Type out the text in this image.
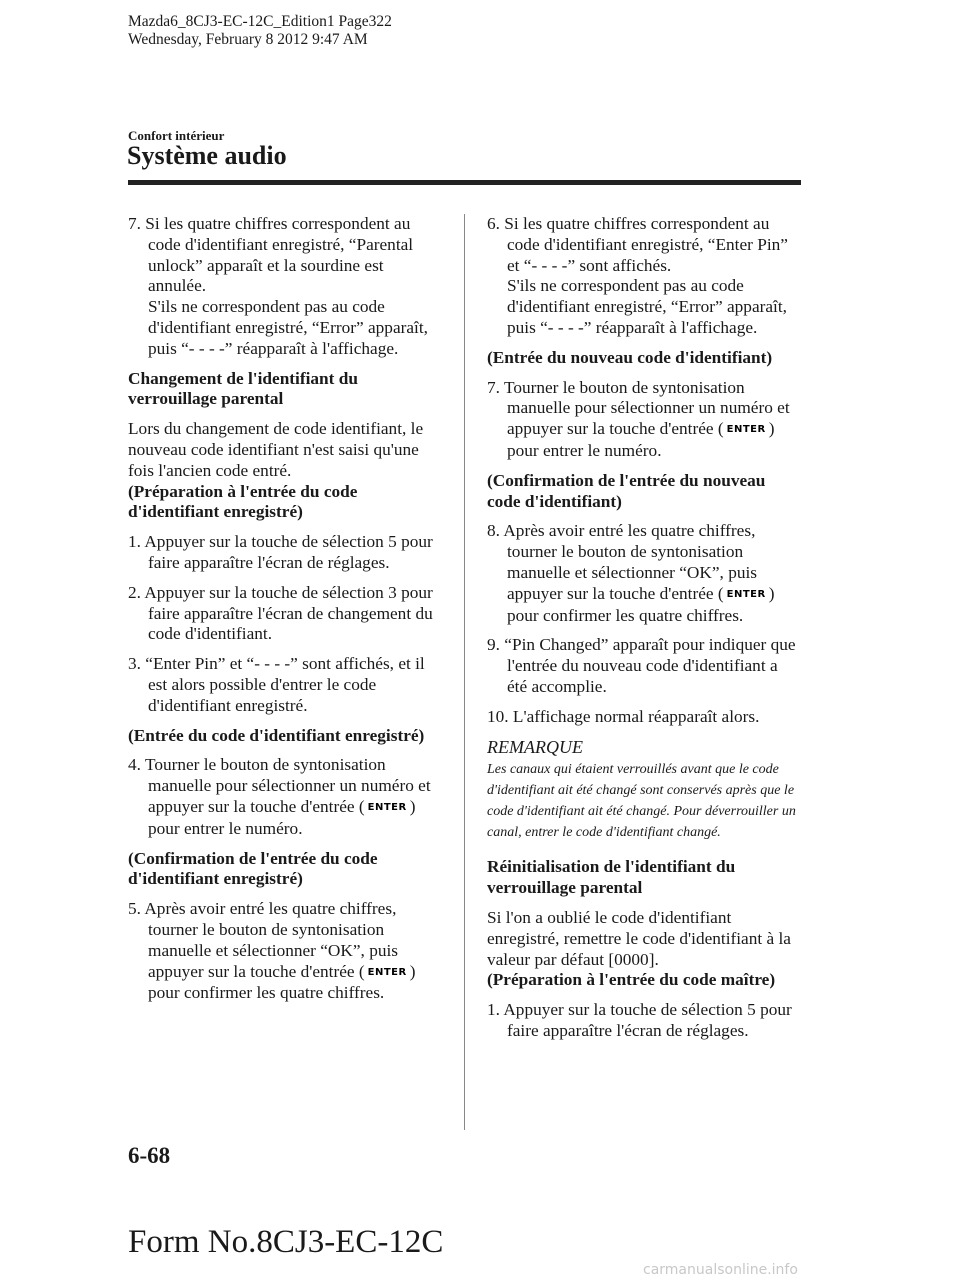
Mazda6_8CJ3-EC-12C_Edition1 Page322
Wednesday, February 8 2012 9:47 AM
Confort intérieur
Système audio
7. Si les quatre chiffres correspondent au code d'identifiant enregistré, “Parental unlock” apparaît et la sourdine est annulée.
S'ils ne correspondent pas au code d'identifiant enregistré, “Error” apparaît, puis “- - - -” réapparaît à l'affichage.
Changement de l'identifiant du verrouillage parental
Lors du changement de code identifiant, le nouveau code identifiant n'est saisi qu'une fois l'ancien code entré.
(Préparation à l'entrée du code d'identifiant enregistré)
1. Appuyer sur la touche de sélection 5 pour faire apparaître l'écran de réglages.
2. Appuyer sur la touche de sélection 3 pour faire apparaître l'écran de changement du code d'identifiant.
3. “Enter Pin” et “- - - -” sont affichés, et il est alors possible d'entrer le code d'identifiant enregistré.
(Entrée du code d'identifiant enregistré)
4. Tourner le bouton de syntonisation manuelle pour sélectionner un numéro et appuyer sur la touche d'entrée ( ENTER ) pour entrer le numéro.
(Confirmation de l'entrée du code d'identifiant enregistré)
5. Après avoir entré les quatre chiffres, tourner le bouton de syntonisation manuelle et sélectionner “OK”, puis appuyer sur la touche d'entrée ( ENTER ) pour confirmer les quatre chiffres.
6. Si les quatre chiffres correspondent au code d'identifiant enregistré, “Enter Pin” et “- - - -” sont affichés.
S'ils ne correspondent pas au code d'identifiant enregistré, “Error” apparaît, puis “- - - -” réapparaît à l'affichage.
(Entrée du nouveau code d'identifiant)
7. Tourner le bouton de syntonisation manuelle pour sélectionner un numéro et appuyer sur la touche d'entrée ( ENTER ) pour entrer le numéro.
(Confirmation de l'entrée du nouveau code d'identifiant)
8. Après avoir entré les quatre chiffres, tourner le bouton de syntonisation manuelle et sélectionner “OK”, puis appuyer sur la touche d'entrée ( ENTER ) pour confirmer les quatre chiffres.
9. “Pin Changed” apparaît pour indiquer que l'entrée du nouveau code d'identifiant a été accomplie.
10. L'affichage normal réapparaît alors.
REMARQUE
Les canaux qui étaient verrouillés avant que le code d'identifiant ait été changé sont conservés après que le code d'identifiant ait été changé. Pour déverrouiller un canal, entrer le code d'identifiant changé.
Réinitialisation de l'identifiant du verrouillage parental
Si l'on a oublié le code d'identifiant enregistré, remettre le code d'identifiant à la valeur par défaut [0000].
(Préparation à l'entrée du code maître)
1. Appuyer sur la touche de sélection 5 pour faire apparaître l'écran de réglages.
6-68
Form No.8CJ3-EC-12C
carmanualsonline.info
